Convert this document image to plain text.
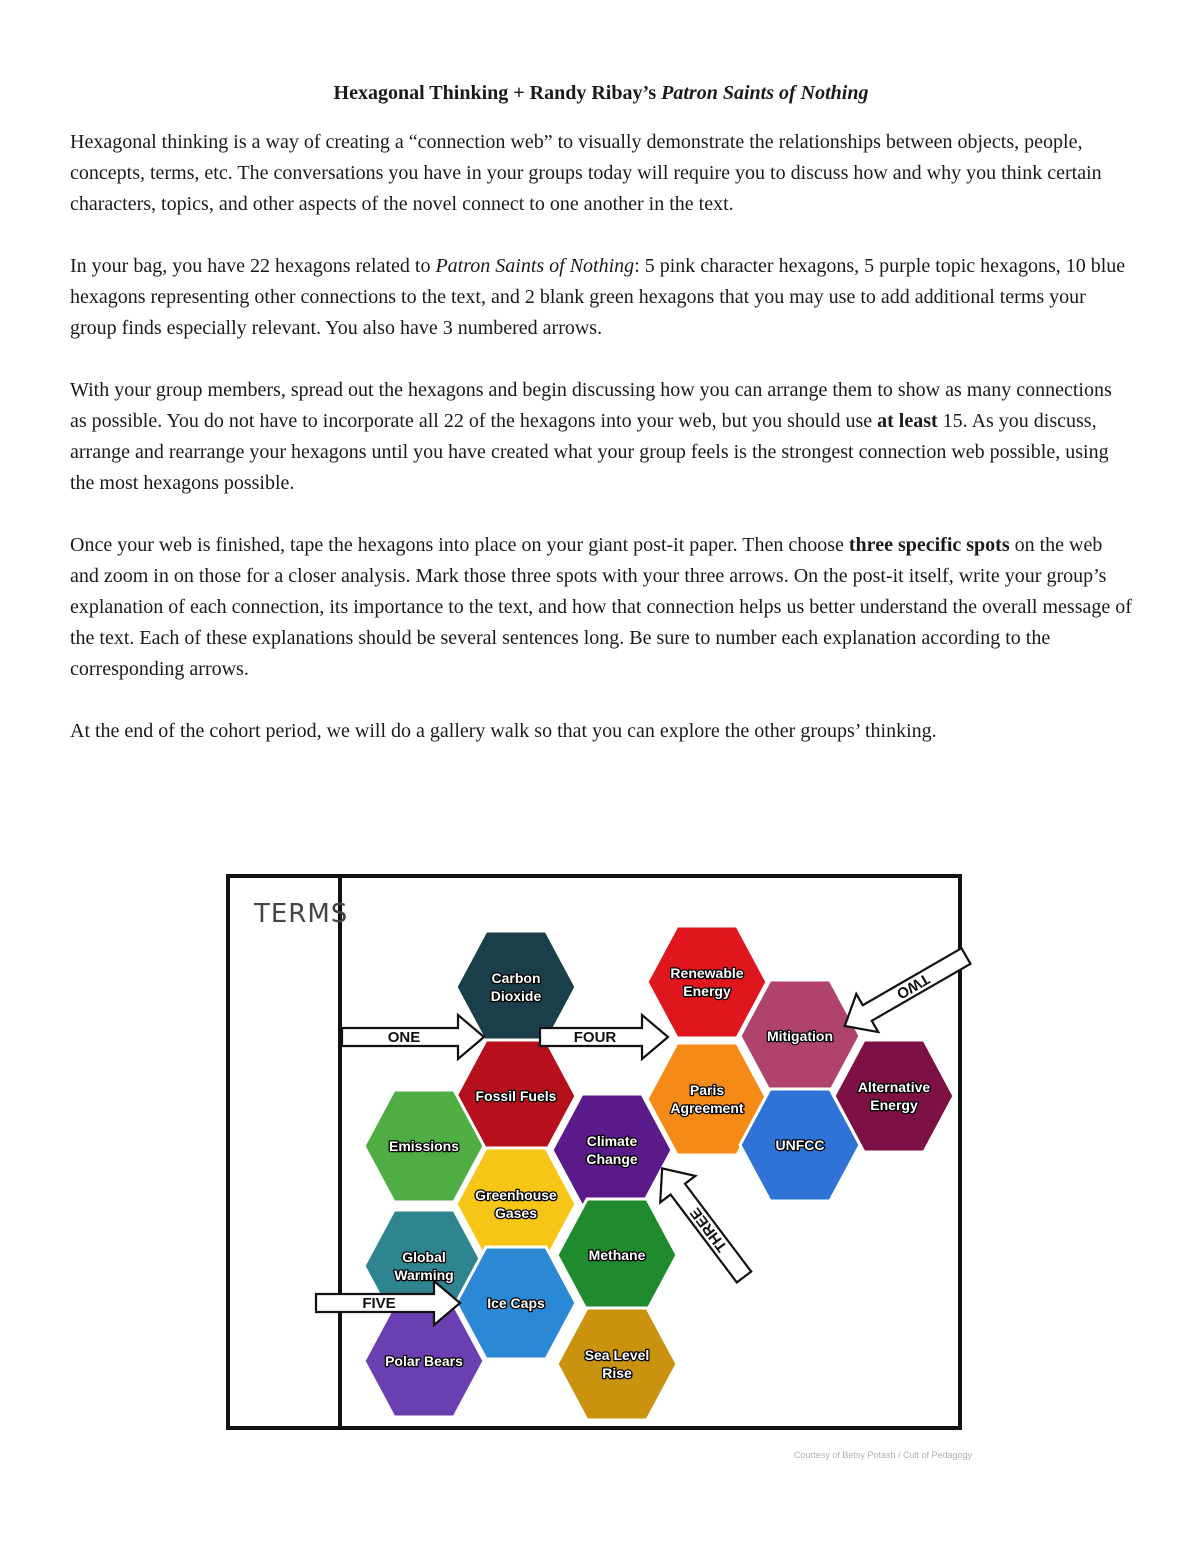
Hexagonal Thinking + Randy Ribay’s Patron Saints of Nothing

Hexagonal thinking is a way of creating a “connection web” to visually demonstrate the relationships between objects, people, concepts, terms, etc. The conversations you have in your groups today will require you to discuss how and why you think certain characters, topics, and other aspects of the novel connect to one another in the text.

In your bag, you have 22 hexagons related to Patron Saints of Nothing: 5 pink character hexagons, 5 purple topic hexagons, 10 blue hexagons representing other connections to the text, and 2 blank green hexagons that you may use to add additional terms your group finds especially relevant. You also have 3 numbered arrows.

With your group members, spread out the hexagons and begin discussing how you can arrange them to show as many connections as possible. You do not have to incorporate all 22 of the hexagons into your web, but you should use at least 15. As you discuss, arrange and rearrange your hexagons until you have created what your group feels is the strongest connection web possible, using the most hexagons possible.

Once your web is finished, tape the hexagons into place on your giant post-it paper. Then choose three specific spots on the web and zoom in on those for a closer analysis. Mark those three spots with your three arrows. On the post-it itself, write your group’s explanation of each connection, its importance to the text, and how that connection helps us better understand the overall message of the text. Each of these explanations should be several sentences long. Be sure to number each explanation according to the corresponding arrows.

At the end of the cohort period, we will do a gallery walk so that you can explore the other groups’ thinking.

TERMS
Carbon
Dioxide
Renewable
Energy
Mitigation
Fossil Fuels	Paris
Agreement
Alternative
Energy
Emissions	Climate
Change
UNFCC
Greenhouse
Gases
Global
Warming
Methane
Ice Caps
Polar Bears	Sea Level
Rise
ONE	FOUR
FIVE
TWO
THREE
Courtesy of Betsy Potash / Cult of Pedagogy
